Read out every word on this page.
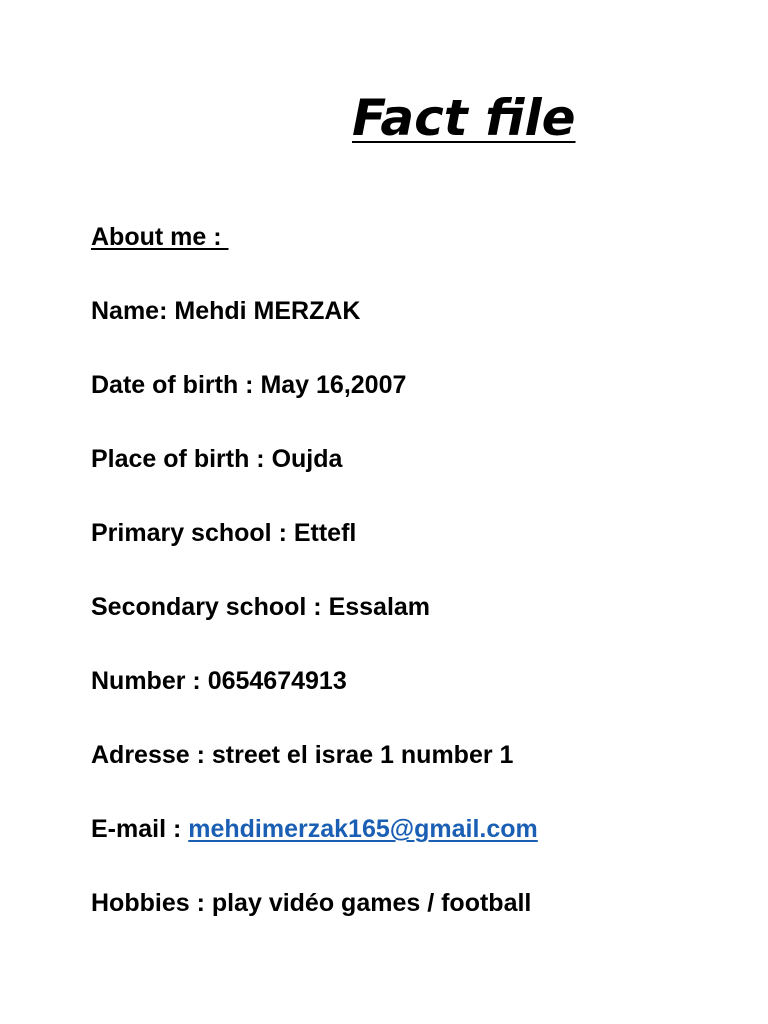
Fact file

About me :

Name: Mehdi MERZAK

Date of birth : May 16,2007

Place of birth : Oujda

Primary school : Ettefl

Secondary school : Essalam

Number : 0654674913

Adresse : street el israe 1 number 1

E-mail : mehdimerzak165@gmail.com

Hobbies : play vidéo games / football
